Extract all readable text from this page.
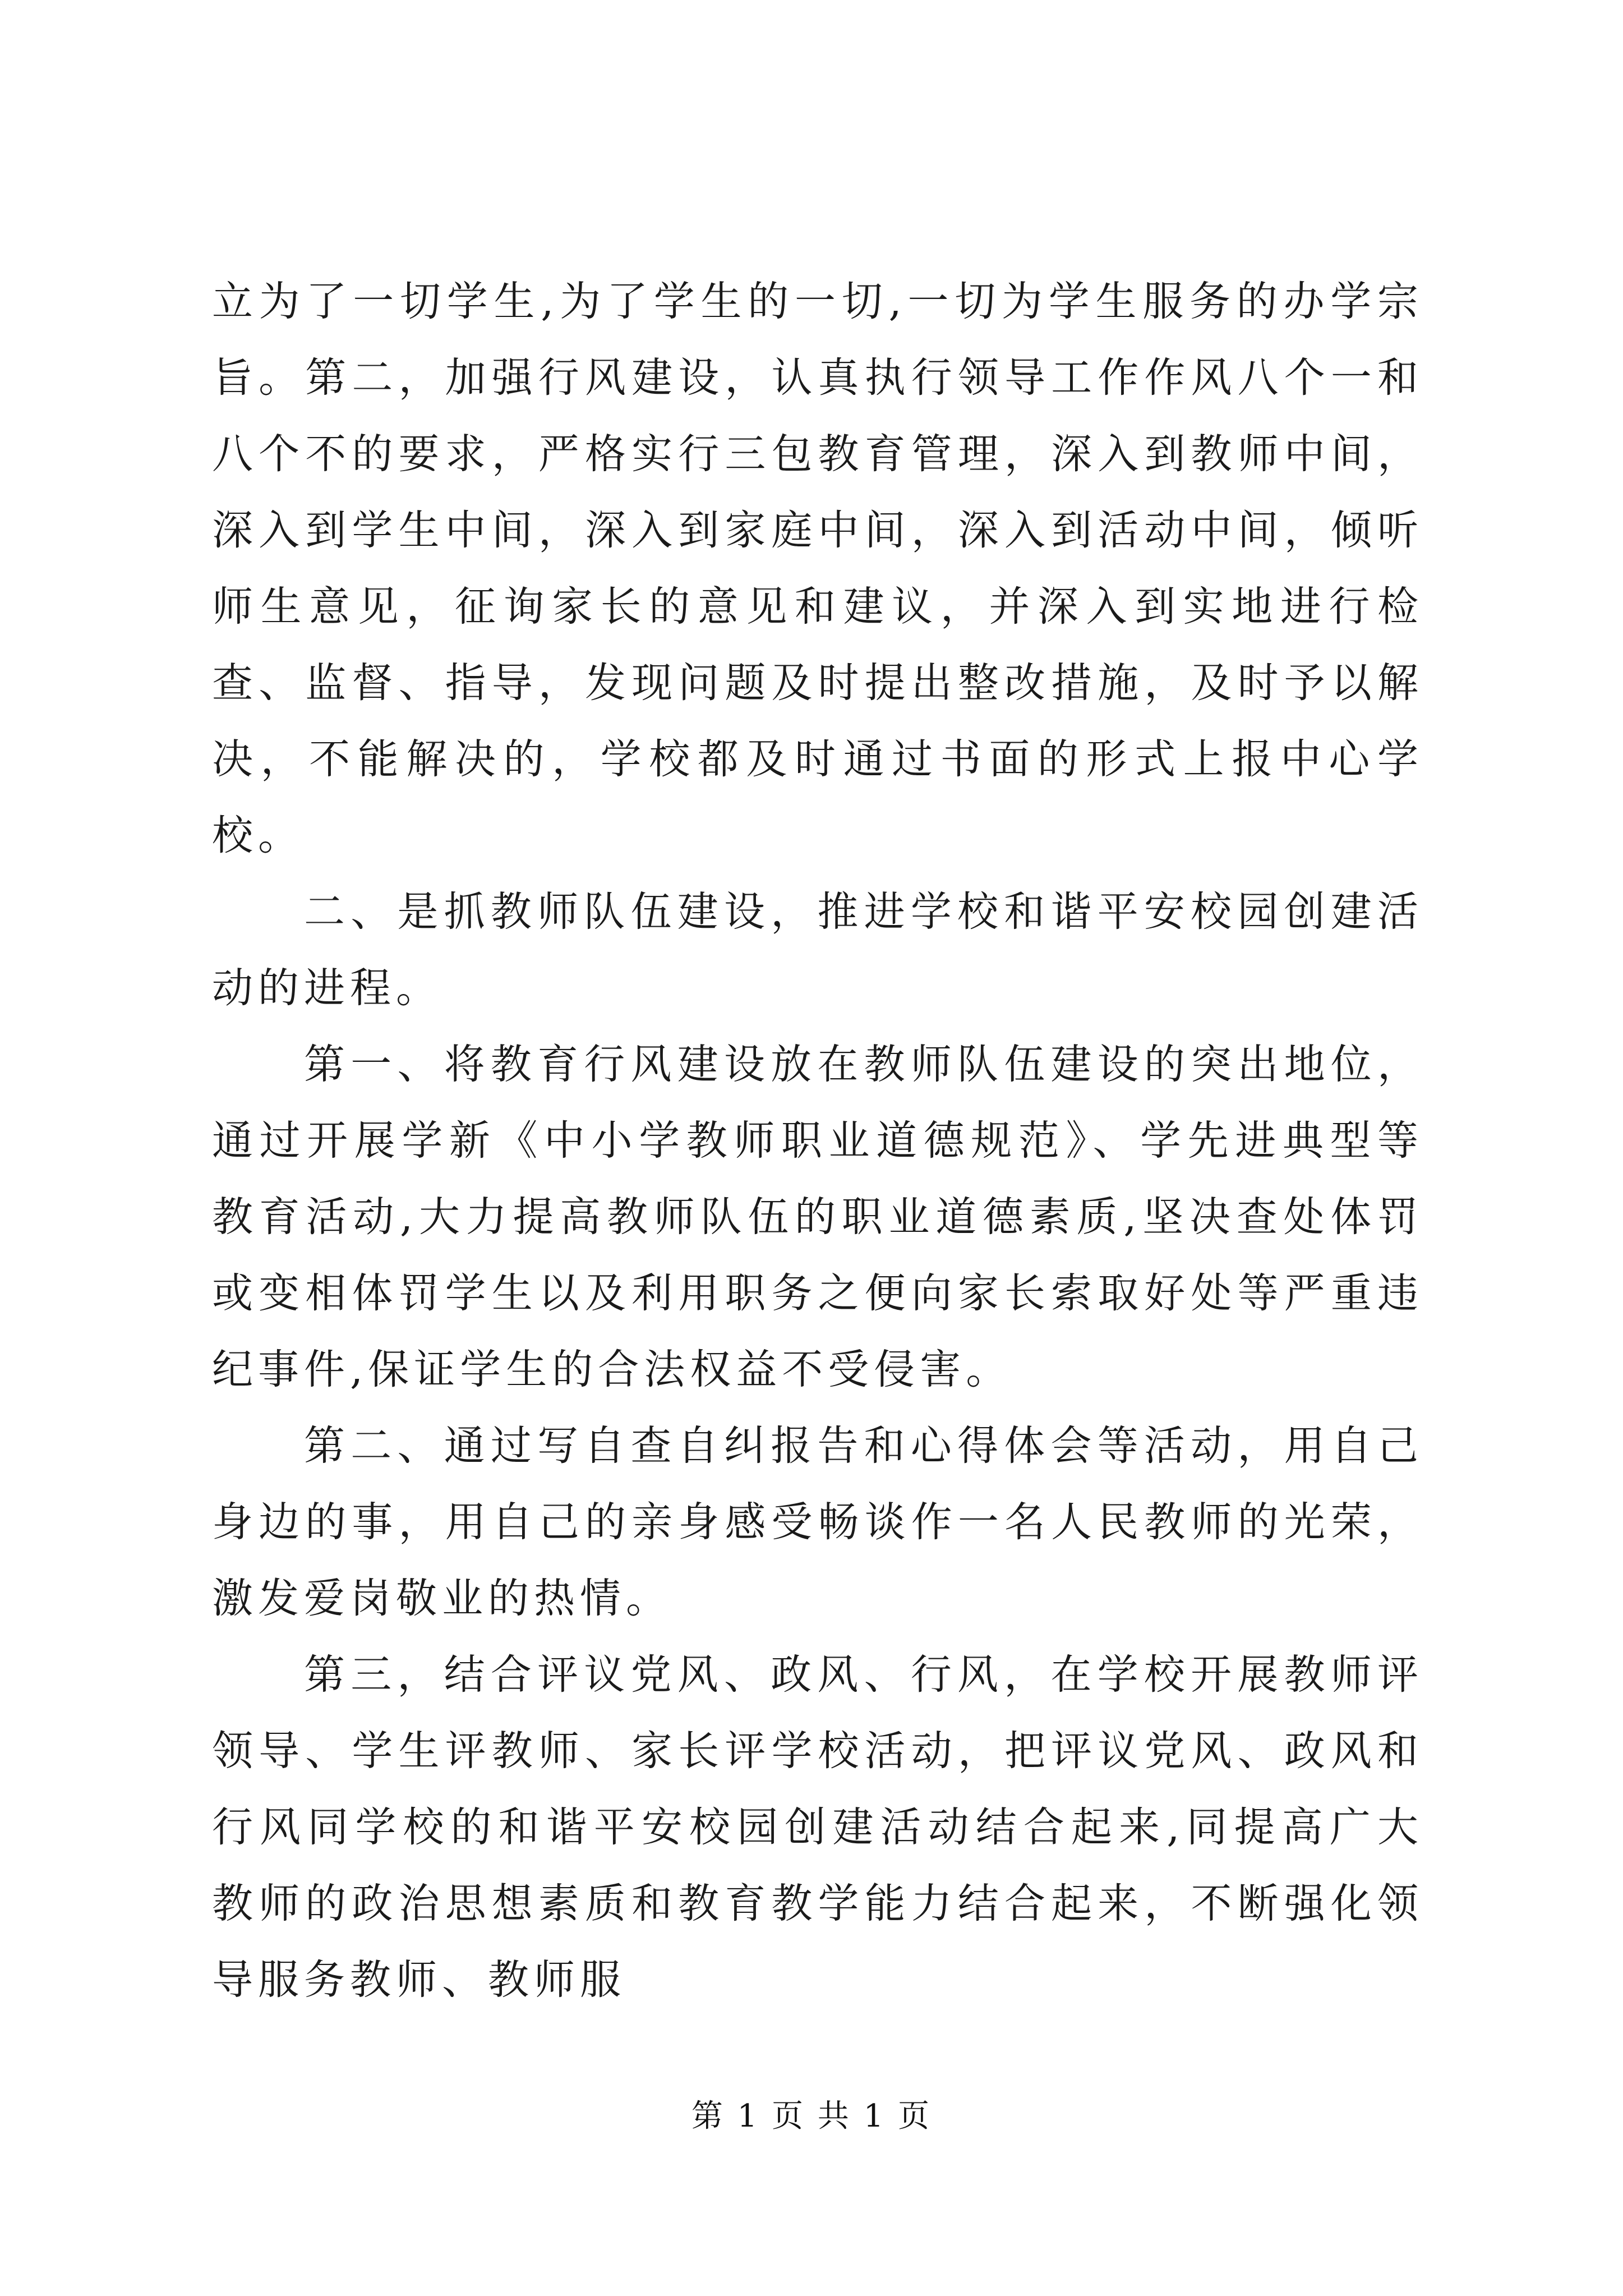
立为了一切学生,为了学生的一切,一切为学生服务的办学宗旨。第二，加强行风建设，认真执行领导工作作风八个一和八个不的要求，严格实行三包教育管理，深入到教师中间，深入到学生中间，深入到家庭中间，深入到活动中间，倾听师生意见，征询家长的意见和建议，并深入到实地进行检查、监督、指导，发现问题及时提出整改措施，及时予以解决，不能解决的，学校都及时通过书面的形式上报中心学校。

二、是抓教师队伍建设，推进学校和谐平安校园创建活动的进程。

第一、将教育行风建设放在教师队伍建设的突出地位，通过开展学新《中小学教师职业道德规范》、学先进典型等教育活动,大力提高教师队伍的职业道德素质,坚决查处体罚或变相体罚学生以及利用职务之便向家长索取好处等严重违纪事件,保证学生的合法权益不受侵害。

第二、通过写自查自纠报告和心得体会等活动，用自己身边的事，用自己的亲身感受畅谈作一名人民教师的光荣，激发爱岗敬业的热情。

第三，结合评议党风、政风、行风，在学校开展教师评领导、学生评教师、家长评学校活动，把评议党风、政风和行风同学校的和谐平安校园创建活动结合起来,同提高广大教师的政治思想素质和教育教学能力结合起来，不断强化领导服务教师、教师服

第 1 页 共 1 页
